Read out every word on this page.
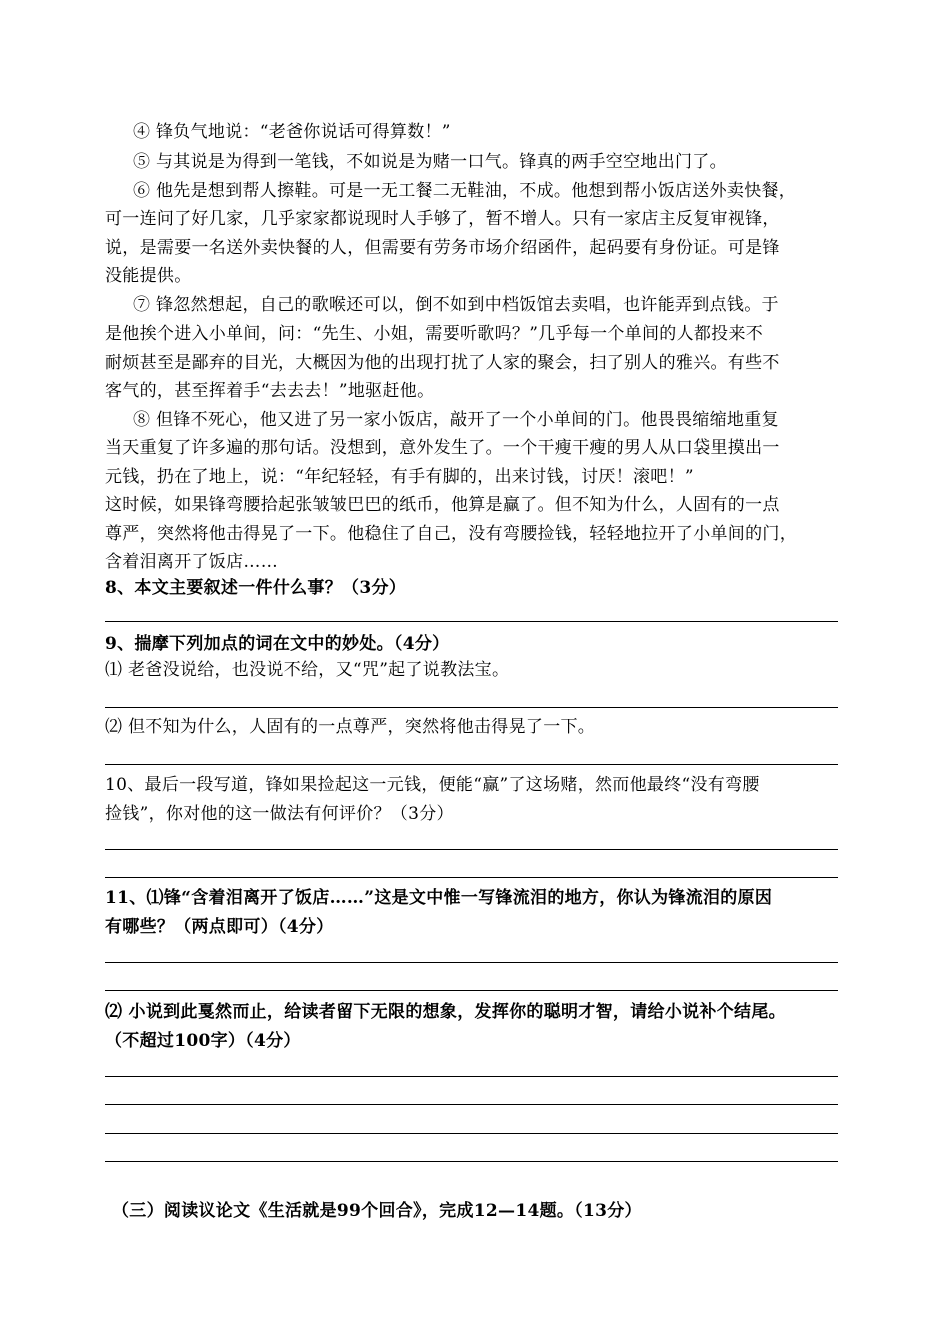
④ 锋负气地说：“老爸你说话可得算数！”
⑤ 与其说是为得到一笔钱，不如说是为赌一口气。锋真的两手空空地出门了。
⑥ 他先是想到帮人擦鞋。可是一无工餐二无鞋油，不成。他想到帮小饭店送外卖快餐，
可一连问了好几家，几乎家家都说现时人手够了，暂不增人。只有一家店主反复审视锋，
说，是需要一名送外卖快餐的人，但需要有劳务市场介绍函件，起码要有身份证。可是锋
没能提供。
⑦ 锋忽然想起，自己的歌喉还可以，倒不如到中档饭馆去卖唱，也许能弄到点钱。于
是他挨个进入小单间，问：“先生、小姐，需要听歌吗？”几乎每一个单间的人都投来不
耐烦甚至是鄙弃的目光，大概因为他的出现打扰了人家的聚会，扫了别人的雅兴。有些不
客气的，甚至挥着手“去去去！”地驱赶他。
⑧ 但锋不死心，他又进了另一家小饭店，敲开了一个小单间的门。他畏畏缩缩地重复
当天重复了许多遍的那句话。没想到，意外发生了。一个干瘦干瘦的男人从口袋里摸出一
元钱，扔在了地上，说：“年纪轻轻，有手有脚的，出来讨钱，讨厌！滚吧！”
这时候，如果锋弯腰拾起张皱皱巴巴的纸币，他算是赢了。但不知为什么，人固有的一点
尊严，突然将他击得晃了一下。他稳住了自己，没有弯腰捡钱，轻轻地拉开了小单间的门，
含着泪离开了饭店……
8、本文主要叙述一件什么事？（3分）
9、揣摩下列加点的词在文中的妙处。（4分）
⑴ 老爸没说给，也没说不给，又“咒”起了说教法宝。
⑵ 但不知为什么，人固有的一点尊严，突然将他击得晃了一下。
10、最后一段写道，锋如果捡起这一元钱，便能“赢”了这场赌，然而他最终“没有弯腰
捡钱”，你对他的这一做法有何评价？（3分）
11、⑴锋“含着泪离开了饭店……”这是文中惟一写锋流泪的地方，你认为锋流泪的原因
有哪些？（两点即可）（4分）
⑵ 小说到此戛然而止，给读者留下无限的想象，发挥你的聪明才智，请给小说补个结尾。
（不超过100字）（4分）
（三）阅读议论文《生活就是99个回合》，完成12—14题。（13分）
